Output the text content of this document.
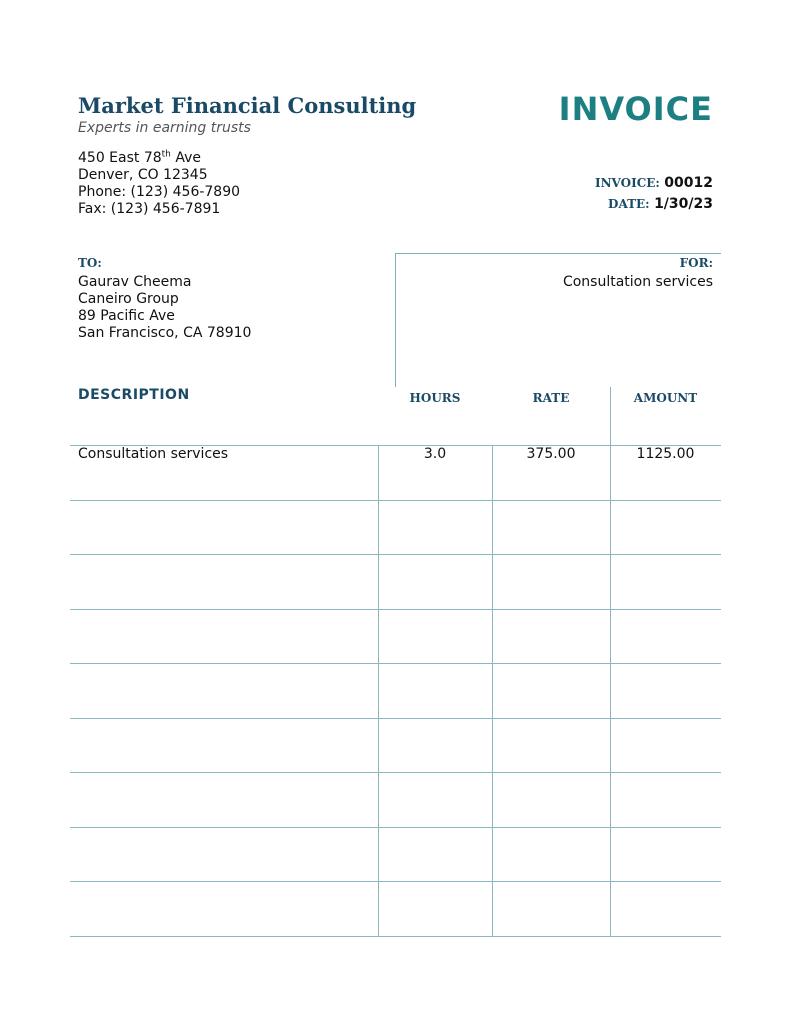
Market Financial Consulting
Experts in earning trusts	INVOICE
450 East 78th Ave
Denver, CO 12345
Phone: (123) 456-7890
Fax: (123) 456-7891
INVOICE: 00012
DATE: 1/30/23
TO:
Gaurav Cheema
Caneiro Group
89 Pacific Ave
San Francisco, CA 78910
FOR:
Consultation services
DESCRIPTION	HOURS	RATE	AMOUNT
Consultation services	3.0	375.00	1125.00
